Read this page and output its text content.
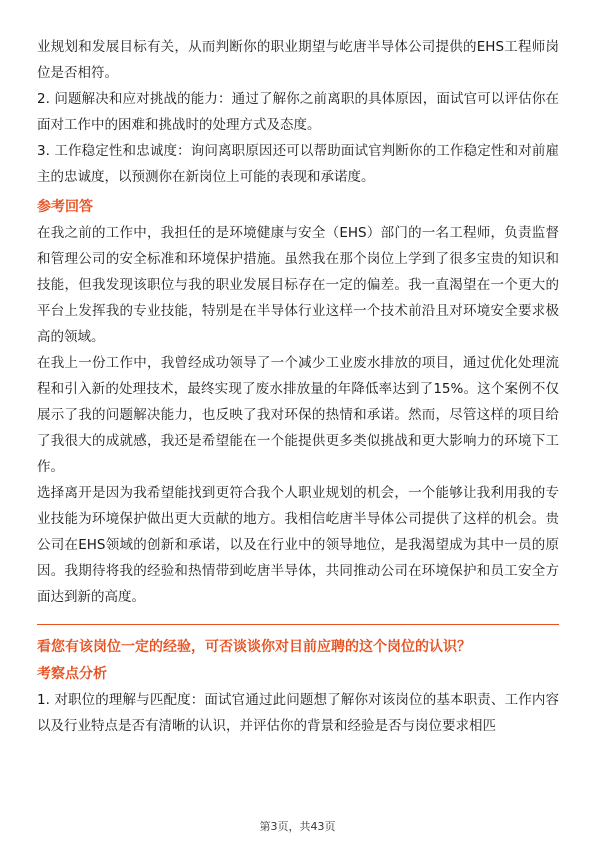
业规划和发展目标有关，从而判断你的职业期望与屹唐半导体公司提供的EHS工程师岗位是否相符。

2. 问题解决和应对挑战的能力：通过了解你之前离职的具体原因，面试官可以评估你在面对工作中的困难和挑战时的处理方式及态度。

3. 工作稳定性和忠诚度：询问离职原因还可以帮助面试官判断你的工作稳定性和对前雇主的忠诚度，以预测你在新岗位上可能的表现和承诺度。

参考回答

在我之前的工作中，我担任的是环境健康与安全（EHS）部门的一名工程师，负责监督和管理公司的安全标准和环境保护措施。虽然我在那个岗位上学到了很多宝贵的知识和技能，但我发现该职位与我的职业发展目标存在一定的偏差。我一直渴望在一个更大的平台上发挥我的专业技能，特别是在半导体行业这样一个技术前沿且对环境安全要求极高的领域。

在我上一份工作中，我曾经成功领导了一个减少工业废水排放的项目，通过优化处理流程和引入新的处理技术，最终实现了废水排放量的年降低率达到了15%。这个案例不仅展示了我的问题解决能力，也反映了我对环保的热情和承诺。然而，尽管这样的项目给了我很大的成就感，我还是希望能在一个能提供更多类似挑战和更大影响力的环境下工作。

选择离开是因为我希望能找到更符合我个人职业规划的机会，一个能够让我利用我的专业技能为环境保护做出更大贡献的地方。我相信屹唐半导体公司提供了这样的机会。贵公司在EHS领域的创新和承诺，以及在行业中的领导地位，是我渴望成为其中一员的原因。我期待将我的经验和热情带到屹唐半导体，共同推动公司在环境保护和员工安全方面达到新的高度。

看您有该岗位一定的经验，可否谈谈你对目前应聘的这个岗位的认识？

考察点分析

1. 对职位的理解与匹配度：面试官通过此问题想了解你对该岗位的基本职责、工作内容以及行业特点是否有清晰的认识，并评估你的背景和经验是否与岗位要求相匹

第3页，共43页
